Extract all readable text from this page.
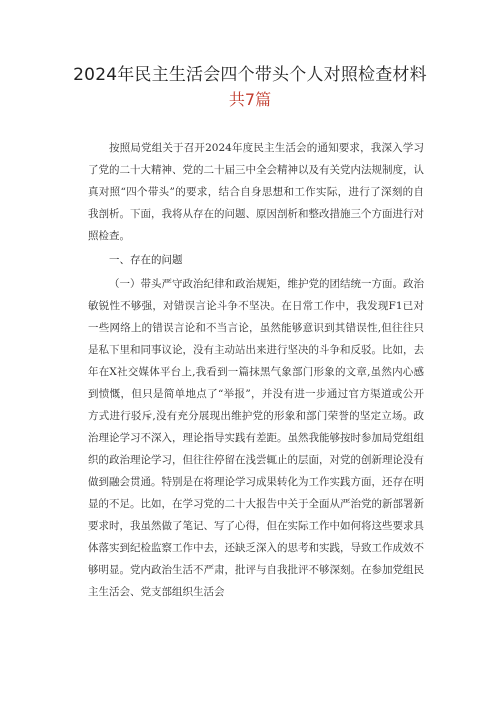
2024年民主生活会四个带头个人对照检查材料
共7篇

按照局党组关于召开2024年度民主生活会的通知要求，我深入学习了党的二十大精神、党的二十届三中全会精神以及有关党内法规制度，认真对照“四个带头”的要求，结合自身思想和工作实际，进行了深刻的自我剖析。下面，我将从存在的问题、原因剖析和整改措施三个方面进行对照检查。

一、存在的问题

（一）带头严守政治纪律和政治规矩，维护党的团结统一方面。政治敏锐性不够强，对错误言论斗争不坚决。在日常工作中，我发现F1已对一些网络上的错误言论和不当言论，虽然能够意识到其错误性,但往往只是私下里和同事议论，没有主动站出来进行坚决的斗争和反驳。比如，去年在X社交媒体平台上,我看到一篇抹黑气象部门形象的文章,虽然内心感到愤慨，但只是简单地点了“举报”，并没有进一步通过官方渠道或公开方式进行驳斥,没有充分展现出维护党的形象和部门荣誉的坚定立场。政治理论学习不深入，理论指导实践有差距。虽然我能够按时参加局党组组织的政治理论学习，但往往停留在浅尝辄止的层面，对党的创新理论没有做到融会贯通。特别是在将理论学习成果转化为工作实践方面，还存在明显的不足。比如，在学习党的二十大报告中关于全面从严治党的新部署新要求时，我虽然做了笔记、写了心得，但在实际工作中如何将这些要求具体落实到纪检监察工作中去，还缺乏深入的思考和实践，导致工作成效不够明显。党内政治生活不严肃，批评与自我批评不够深刻。在参加党组民主生活会、党支部组织生活会
